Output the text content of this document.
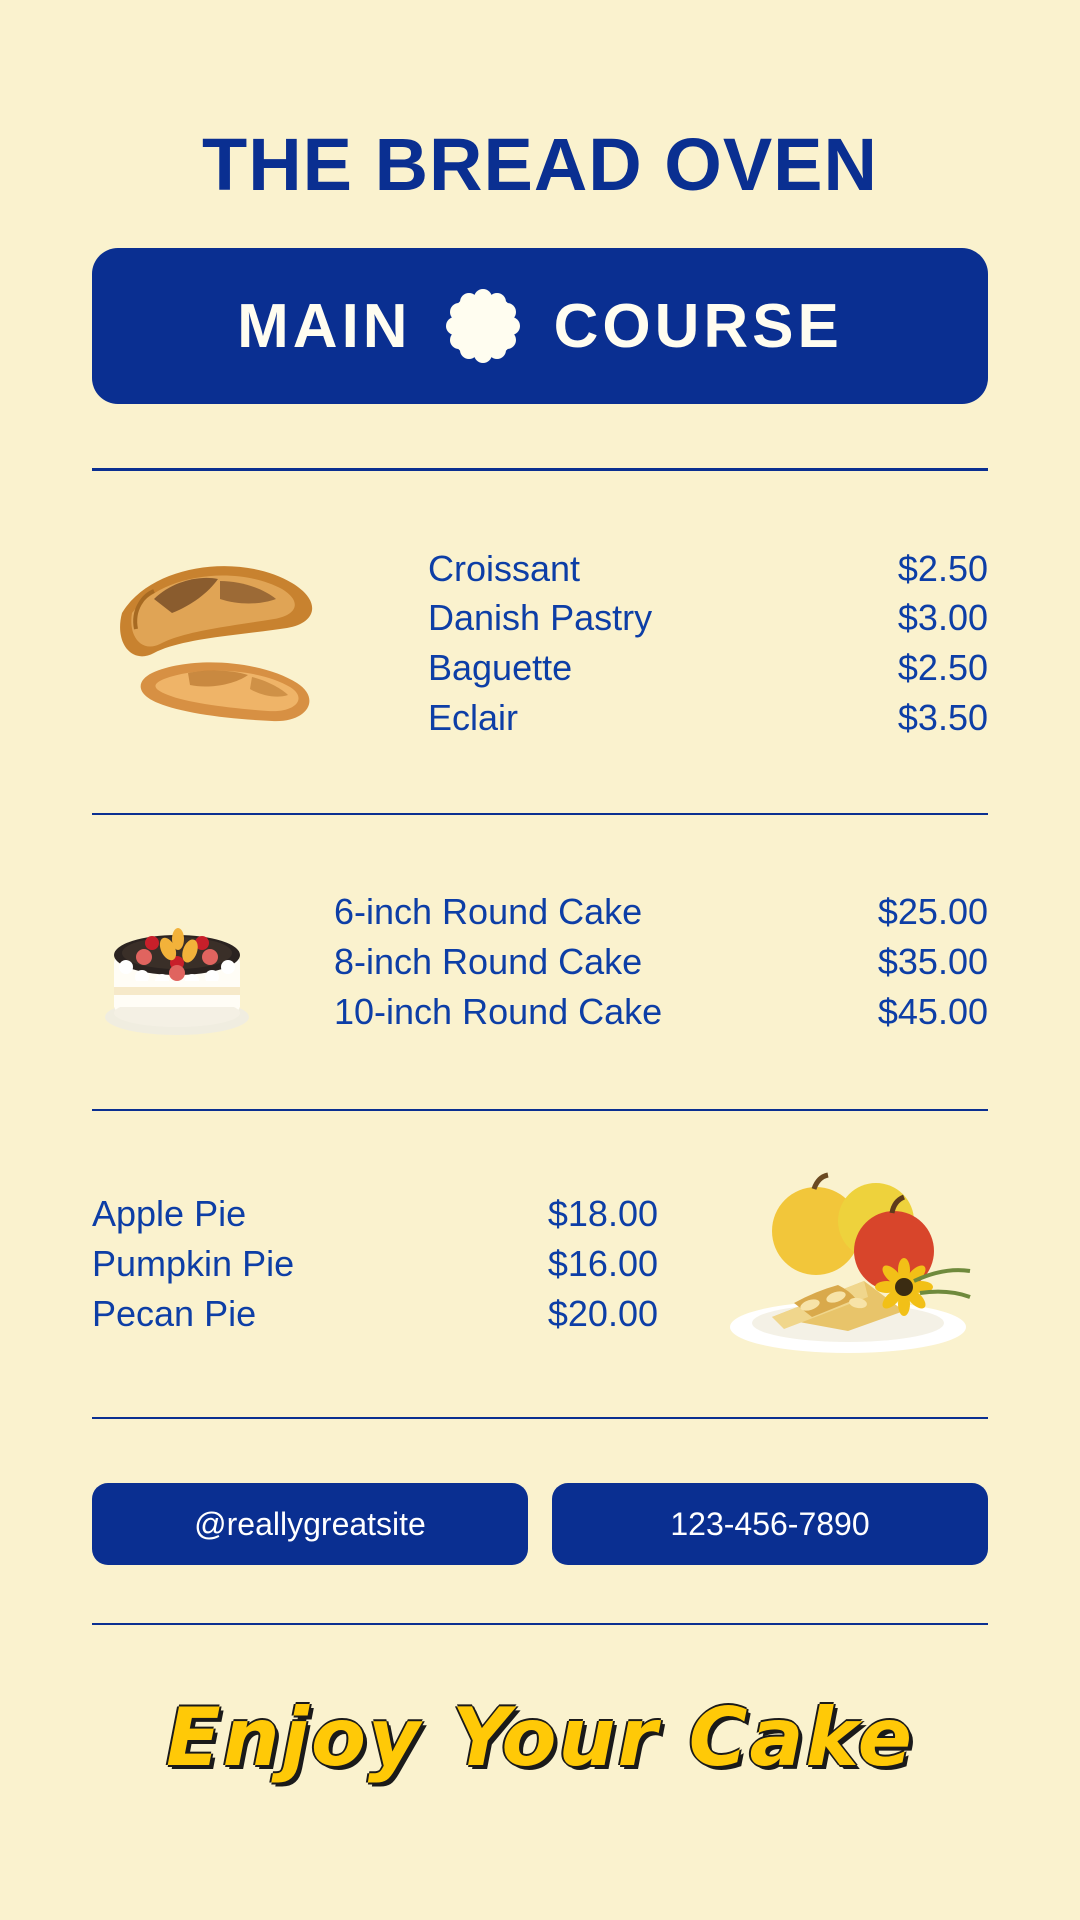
THE BREAD OVEN
MAIN COURSE
Croissant	$2.50
Danish Pastry	$3.00
Baguette	$2.50
Eclair	$3.50
6-inch Round Cake	$25.00
8-inch Round Cake	$35.00
10-inch Round Cake	$45.00
Apple Pie	$18.00
Pumpkin Pie	$16.00
Pecan Pie	$20.00
@reallygreatsite	123-456-7890
Enjoy Your Cake
